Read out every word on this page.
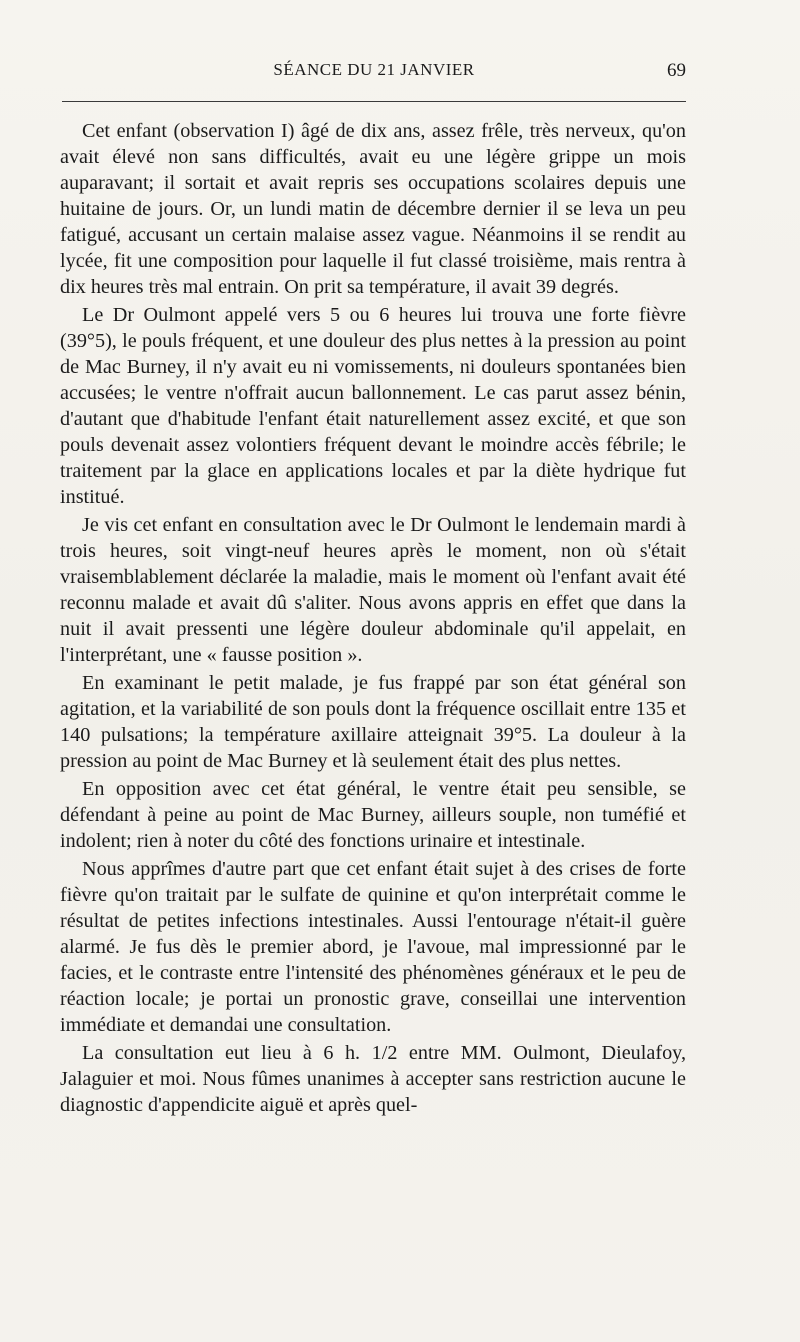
SÉANCE DU 21 JANVIER	69

Cet enfant (observation I) âgé de dix ans, assez frêle, très nerveux, qu'on avait élevé non sans difficultés, avait eu une légère grippe un mois auparavant; il sortait et avait repris ses occupations scolaires depuis une huitaine de jours. Or, un lundi matin de décembre dernier il se leva un peu fatigué, accusant un certain malaise assez vague. Néanmoins il se rendit au lycée, fit une composition pour laquelle il fut classé troisième, mais rentra à dix heures très mal entrain. On prit sa température, il avait 39 degrés.

Le Dr Oulmont appelé vers 5 ou 6 heures lui trouva une forte fièvre (39°5), le pouls fréquent, et une douleur des plus nettes à la pression au point de Mac Burney, il n'y avait eu ni vomissements, ni douleurs spontanées bien accusées; le ventre n'offrait aucun ballonnement. Le cas parut assez bénin, d'autant que d'habitude l'enfant était naturellement assez excité, et que son pouls devenait assez volontiers fréquent devant le moindre accès fébrile; le traitement par la glace en applications locales et par la diète hydrique fut institué.

Je vis cet enfant en consultation avec le Dr Oulmont le lendemain mardi à trois heures, soit vingt-neuf heures après le moment, non où s'était vraisemblablement déclarée la maladie, mais le moment où l'enfant avait été reconnu malade et avait dû s'aliter. Nous avons appris en effet que dans la nuit il avait pressenti une légère douleur abdominale qu'il appelait, en l'interprétant, une « fausse position ».

En examinant le petit malade, je fus frappé par son état général son agitation, et la variabilité de son pouls dont la fréquence oscillait entre 135 et 140 pulsations; la température axillaire atteignait 39°5. La douleur à la pression au point de Mac Burney et là seulement était des plus nettes.

En opposition avec cet état général, le ventre était peu sensible, se défendant à peine au point de Mac Burney, ailleurs souple, non tuméfié et indolent; rien à noter du côté des fonctions urinaire et intestinale.

Nous apprîmes d'autre part que cet enfant était sujet à des crises de forte fièvre qu'on traitait par le sulfate de quinine et qu'on interprétait comme le résultat de petites infections intestinales. Aussi l'entourage n'était-il guère alarmé. Je fus dès le premier abord, je l'avoue, mal impressionné par le facies, et le contraste entre l'intensité des phénomènes généraux et le peu de réaction locale; je portai un pronostic grave, conseillai une intervention immédiate et demandai une consultation.

La consultation eut lieu à 6 h. 1/2 entre MM. Oulmont, Dieulafoy, Jalaguier et moi. Nous fûmes unanimes à accepter sans restriction aucune le diagnostic d'appendicite aiguë et après quel-
